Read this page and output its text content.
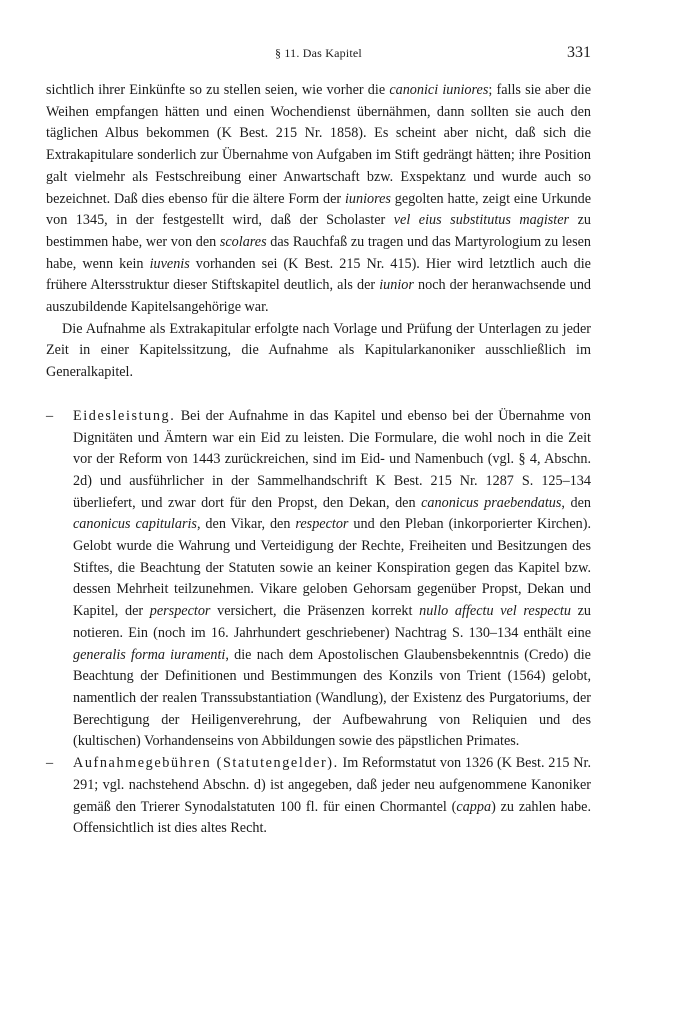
§ 11. Das Kapitel	331

sichtlich ihrer Einkünfte so zu stellen seien, wie vorher die canonici iuniores; falls sie aber die Weihen empfangen hätten und einen Wochendienst übernähmen, dann sollten sie auch den täglichen Albus bekommen (K Best. 215 Nr. 1858). Es scheint aber nicht, daß sich die Extrakapitulare sonderlich zur Übernahme von Aufgaben im Stift gedrängt hätten; ihre Position galt vielmehr als Festschreibung einer Anwartschaft bzw. Exspektanz und wurde auch so bezeichnet. Daß dies ebenso für die ältere Form der iuniores gegolten hatte, zeigt eine Urkunde von 1345, in der festgestellt wird, daß der Scholaster vel eius substitutus magister zu bestimmen habe, wer von den scolares das Rauchfaß zu tragen und das Martyrologium zu lesen habe, wenn kein iuvenis vorhanden sei (K Best. 215 Nr. 415). Hier wird letztlich auch die frühere Altersstruktur dieser Stiftskapitel deutlich, als der iunior noch der heranwachsende und auszubildende Kapitelsangehörige war.

Die Aufnahme als Extrakapitular erfolgte nach Vorlage und Prüfung der Unterlagen zu jeder Zeit in einer Kapitelssitzung, die Aufnahme als Kapitularkanoniker ausschließlich im Generalkapitel.

– Eidesleistung. Bei der Aufnahme in das Kapitel und ebenso bei der Übernahme von Dignitäten und Ämtern war ein Eid zu leisten. Die Formulare, die wohl noch in die Zeit vor der Reform von 1443 zurückreichen, sind im Eid- und Namenbuch (vgl. § 4, Abschn. 2d) und ausführlicher in der Sammelhandschrift K Best. 215 Nr. 1287 S. 125–134 überliefert, und zwar dort für den Propst, den Dekan, den canonicus praebendatus, den canonicus capitularis, den Vikar, den respector und den Pleban (inkorporierter Kirchen). Gelobt wurde die Wahrung und Verteidigung der Rechte, Freiheiten und Besitzungen des Stiftes, die Beachtung der Statuten sowie an keiner Konspiration gegen das Kapitel bzw. dessen Mehrheit teilzunehmen. Vikare geloben Gehorsam gegenüber Propst, Dekan und Kapitel, der perspector versichert, die Präsenzen korrekt nullo affectu vel respectu zu notieren. Ein (noch im 16. Jahrhundert geschriebener) Nachtrag S. 130–134 enthält eine generalis forma iuramenti, die nach dem Apostolischen Glaubensbekenntnis (Credo) die Beachtung der Definitionen und Bestimmungen des Konzils von Trient (1564) gelobt, namentlich der realen Transsubstantiation (Wandlung), der Existenz des Purgatoriums, der Berechtigung der Heiligenverehrung, der Aufbewahrung von Reliquien und des (kultischen) Vorhandenseins von Abbildungen sowie des päpstlichen Primates.

– Aufnahmegebühren (Statutengelder). Im Reformstatut von 1326 (K Best. 215 Nr. 291; vgl. nachstehend Abschn. d) ist angegeben, daß jeder neu aufgenommene Kanoniker gemäß den Trierer Synodalstatuten 100 fl. für einen Chormantel (cappa) zu zahlen habe. Offensichtlich ist dies altes Recht.
